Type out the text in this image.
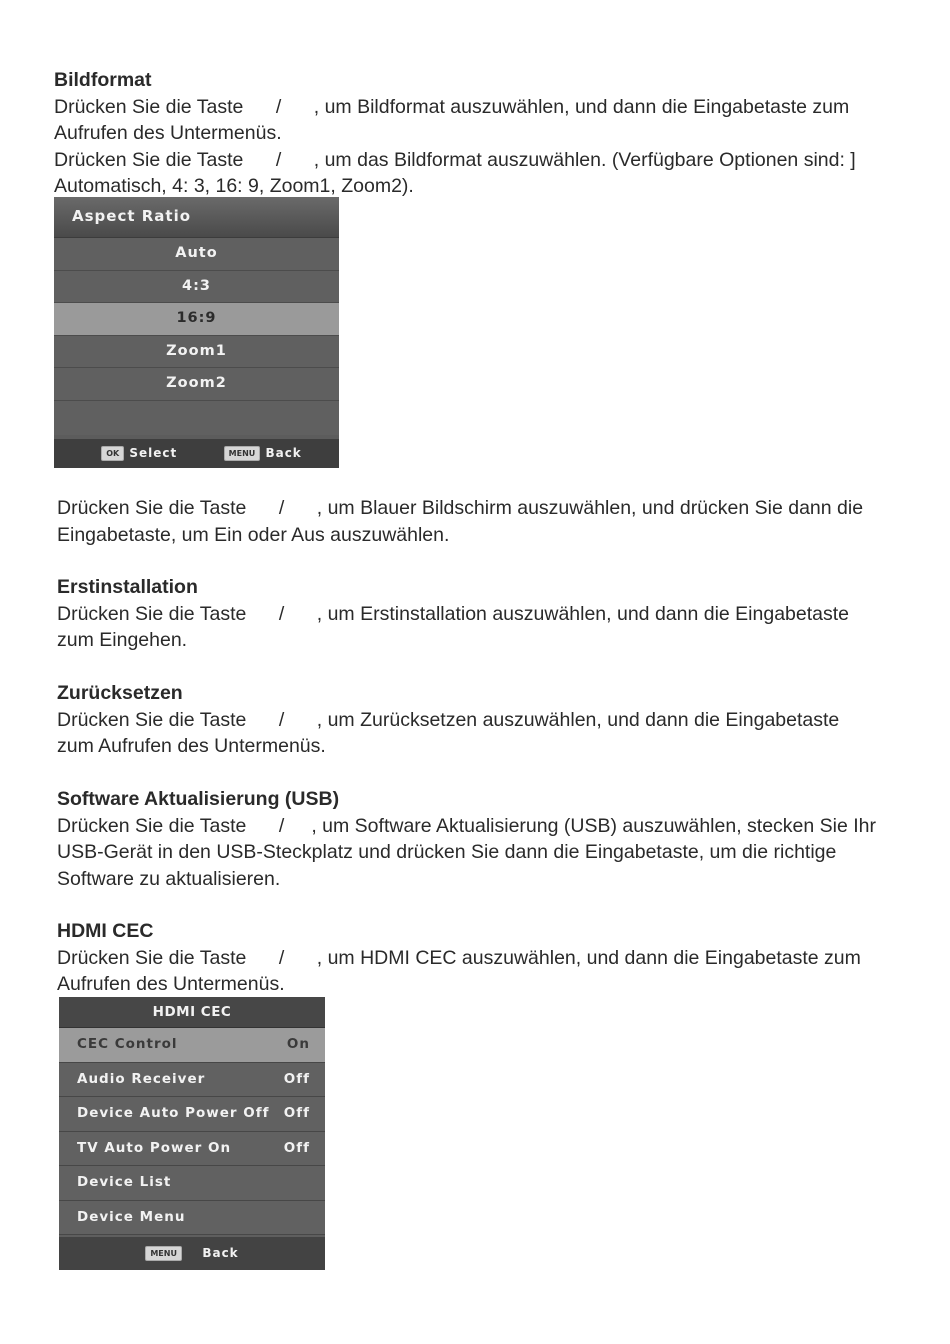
Bildformat
Drücken Sie die Taste      /      , um Bildformat auszuwählen, und dann die Eingabetaste zum
Aufrufen des Untermenüs.
Drücken Sie die Taste      /      , um das Bildformat auszuwählen. (Verfügbare Optionen sind: ]
Automatisch, 4: 3, 16: 9, Zoom1, Zoom2).
Aspect Ratio
Auto
4:3
16:9
Zoom1
Zoom2
OK Select	MENU Back
Drücken Sie die Taste      /      , um Blauer Bildschirm auszuwählen, und drücken Sie dann die
Eingabetaste, um Ein oder Aus auszuwählen.
Erstinstallation
Drücken Sie die Taste      /      , um Erstinstallation auszuwählen, und dann die Eingabetaste
zum Eingehen.
Zurücksetzen
Drücken Sie die Taste      /      , um Zurücksetzen auszuwählen, und dann die Eingabetaste
zum Aufrufen des Untermenüs.
Software Aktualisierung (USB)
Drücken Sie die Taste      /     , um Software Aktualisierung (USB) auszuwählen, stecken Sie Ihr
USB-Gerät in den USB-Steckplatz und drücken Sie dann die Eingabetaste, um die richtige
Software zu aktualisieren.
HDMI CEC
Drücken Sie die Taste      /      , um HDMI CEC auszuwählen, und dann die Eingabetaste zum
Aufrufen des Untermenüs.
HDMI CEC
CEC Control	On
Audio Receiver	Off
Device Auto Power Off Off
TV Auto Power On	Off
Device List
Device Menu
MENU Back
